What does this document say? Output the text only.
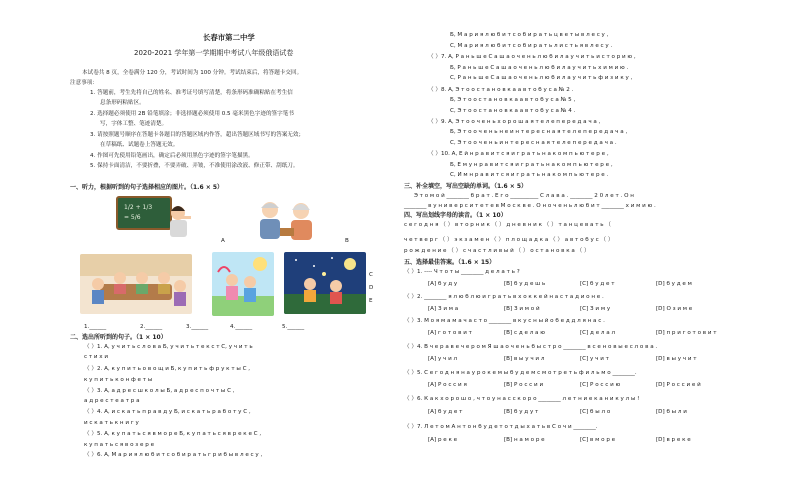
长春市第二中学
2020-2021 学年第一学期期中考试八年级俄语试卷
本试卷共 8 页，全卷满分 120 分，考试时间为 100 分钟。考试结束后，将答题卡交回。
注意事项：
1. 答题前，考生先将自己的姓名、准考证号填写清楚，将条形码准确粘贴在考生信
息条形码粘贴区。
2. 选择题必须使用 2B 铅笔填涂；非选择题必须使用 0.5 毫米黑色字迹的签字笔书
写，字体工整、笔迹清楚。
3. 请按照题号顺序在答题卡各题目的答题区域内作答，超出答题区域书写的答案无效；
在草稿纸、试题卷上答题无效。
4. 作图可先使用铅笔画出，确定后必须用黑色字迹的签字笔描黑。
5. 保持卡面清洁，不要折叠，不要弄破、弄皱，不准使用涂改液、修正带、刮纸刀。
一、听力，根据听到的句子选择相应的图片。（1.6 × 5）
1/2 + 1/3
= 5/6
A	B
C
D
E
1.______	2.______	3.______	4.______	5.______
二、选出所听到的句子。（1 × 10）
（ ）1. А, у ч и т ь с л о в а Б, у ч и т ь т е к с т С, у ч и т ь
с т и х и
（ ）2. А, к у п и т ь о в о щ и Б, к у п и т ь ф р у к т ы С ,
к у п и т ь к о н ф е т ы
（ ）3. А, а д р е с ш к о л ы Б, а д р е с п о ч т ы С ,
а д р е с т е а т р а
（ ）4. А, и с к а т ь п р а в д у Б, и с к а т ь р а б о т у С ,
и с к а т ь к н и г у
（ ）5. А, к у п а т ь с я в м о р е Б, к у п а т ь с я в р е к е С ,
к у п а т ь с я в о з е р е
（ ）6. А, М а р и я л ю б и т с о б и р а т ь г р и б ы в л е с у ,
Б, М а р и я л ю б и т с о б и р а т ь ц в е т ы в л е с у ,
С, М а р и я л ю б и т с о б и р а т ь л и с т ь я в л е с у .
（ ）7. А, Р а н ь ш е С а ш а о ч е н ь л ю б и л а у ч и т ь и с т о р и ю ,
Б, Р а н ь ш е С а ш а о ч е н ь л ю б и л а у ч и т ь х и м и ю .
С, Р а н ь ш е С а ш а о ч е н ь л ю б и л а у ч и т ь ф и з и к у ,
（ ）8. А, Э т о о с т а н о в к а а в т о б у с а № 2 .
Б, Э т о о с т а н о в к а а в т о б у с а № 5 ,
С, Э т о о с т а н о в к а а в т о б у с а № 4 .
（ ）9. А, Э т о о ч е н ь х о р о ш а я т е л е п е р е д а ч а ,
Б, Э т о о ч е н ь н е и н т е р е с н а я т е л е п е р е д а ч а ,
С, Э т о о ч е н ь и н т е р е с н а я т е л е п е р е д а ч а .
（ ）10. А, Е й н р а в и т с я и г р а т ь н а к о м п ь ю т е р е ,
Б, Е м у н р а в и т с я и г р а т ь н а к о м п ь ю т е р е ,
С, И м н р а в и т с я и г р а т ь н а к о м п ь ю т е р е .
三、补全填空，写出空缺的单词。（1.6 × 5）
Э т о м о й ________ б р а т . Е г о __________ С л а в а . ________ 2 0 л е т . О н
________ в у н и в е р с и т е т е в М о с к в е . О н о ч е н ь л ю б и т ________ х и м и ю .
四、写出划线字母的读音。（1 × 10）
с е г о д н я （ ） в т о р н и к （ ） д н е в н и к （ ） т а н ц е в а т ь （
ч е т в е р г （ ） э к з а м е н （ ） п л о щ а д к а （ ） а в т о б у с （ ）
р о ж д е н и е （ ） с ч а с т л и в ы й （ ） о с т а н о в к а （ ）
五、选择最佳答案。（1.6 × 15）
（ ）1. ---- Ч т о т ы ________ д е л а т ь ?
[A] б у д у	[B] б у д е ш ь	[C] б у д е т	[D] б у д е м
（ ）2. ________ я л ю б л ю и г р а т ь в х о к к е й н а с т а д и о н е .
[A] З и м а	[B] З и м о й	[C] З и м у	[D] О з и м е
（ ）3. М о я м а м а ч а с т о ________ в к у с н ы й о б е д д л я н а с .
[A] г о т о в и т	[B] с д е л а ю	[C] д е л а л	[D] п р и г о т о в и т
（ ）4. В ч е р а в е ч е р о м Я ш а о ч е н ь б ы с т р о ________ в с е н о в ы е с л о в а .
[A] у ч и л	[B] в ы у ч и л	[C] у ч и т	[D] в ы у ч и т
（ ）5. С е г о д н я н а у р о к е м ы б у д е м с м о т р е т ь ф и л ь м о ________.
[A] Р о с с и я	[B] Р о с с и и	[C] Р о с с и ю	[D] Р о с с и е й
（ ）6. К а к х о р о ш о , ч т о у н а с с к о р о ________ л е т н и е к а н и к у л ы !
[A] б у д е т	[B] б у д у т	[C] б ы л о	[D] б ы л и
（ ）7. Л е т о м А н т о н б у д е т о т д ы х а т ь в С о ч и ________.
[A] р е к е	[B] н а м о р е	[C] в м о р е	[D] в р е к е
